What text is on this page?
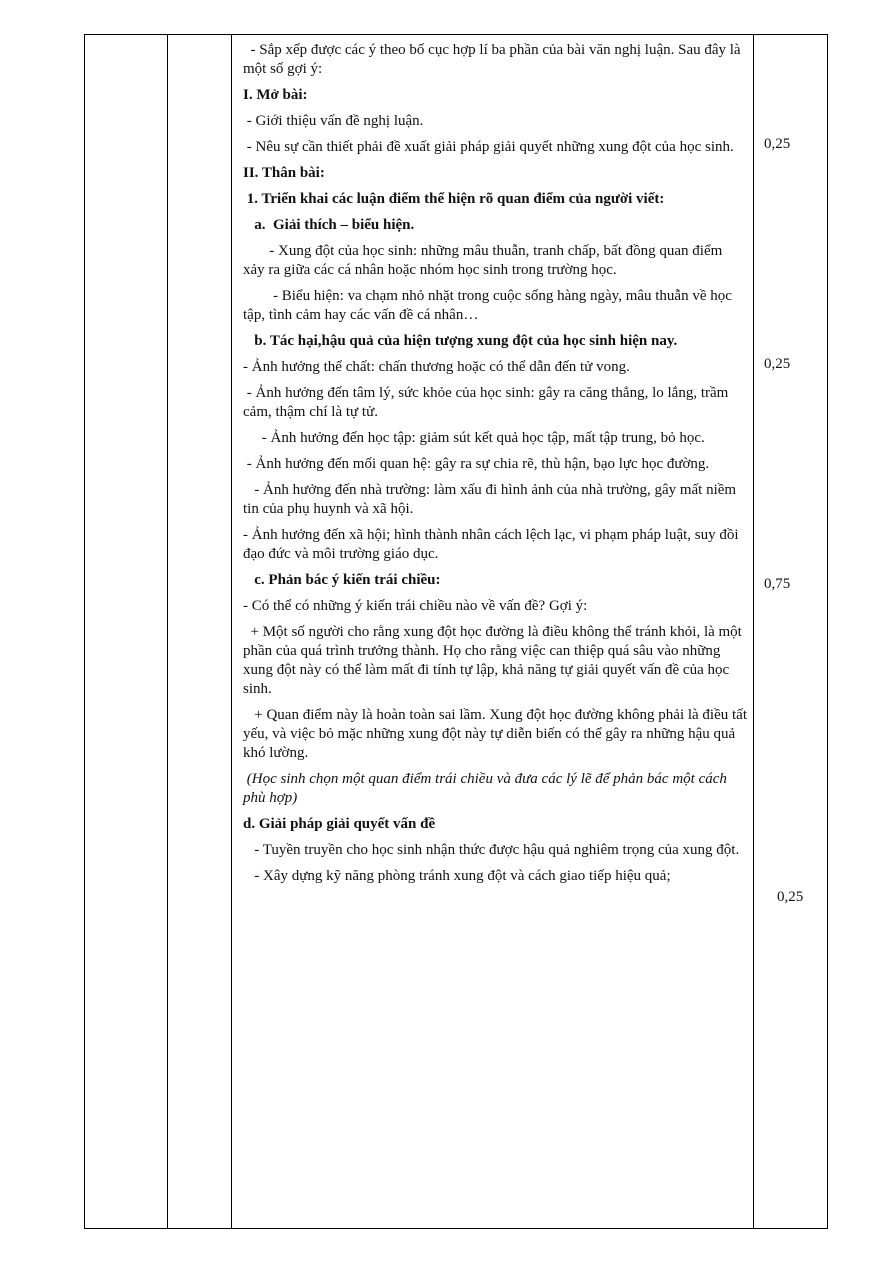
- Sắp xếp được các ý theo bố cục hợp lí ba phần của bài văn nghị luận. Sau đây là một số gợi ý:
I. Mở bài:
- Giới thiệu vấn đề nghị luận.
- Nêu sự cần thiết phải đề xuất giải pháp giải quyết những xung đột của học sinh.
II. Thân bài:
1. Triển khai các luận điểm thể hiện rõ quan điểm của người viết:
a.  Giải thích – biểu hiện.
- Xung đột của học sinh: những mâu thuẫn, tranh chấp, bất đồng quan điểm xảy ra giữa các cá nhân hoặc nhóm học sinh trong trường học.
- Biểu hiện: va chạm nhỏ nhặt trong cuộc sống hàng ngày, mâu thuẫn về học tập, tình cảm hay các vấn đề cá nhân…
b. Tác hại,hậu quả của hiện tượng xung đột của học sinh hiện nay.
- Ảnh hưởng thể chất: chấn thương hoặc có thể dẫn đến tử vong.
- Ảnh hưởng đến tâm lý, sức khỏe của học sinh: gây ra căng thẳng, lo lắng, trầm cảm, thậm chí là tự tử.
- Ảnh hưởng đến học tập: giảm sút kết quả học tập, mất tập trung, bỏ học.
- Ảnh hưởng đến mối quan hệ: gây ra sự chia rẽ, thù hận, bạo lực học đường.
- Ảnh hưởng đến nhà trường: làm xấu đi hình ảnh của nhà trường, gây mất niềm tin của phụ huynh và xã hội.
- Ảnh hưởng đến xã hội; hình thành nhân cách lệch lạc, vi phạm pháp luật, suy đồi đạo đức và môi trường giáo dục.
c. Phản bác ý kiến trái chiều:
- Có thể có những ý kiến trái chiều nào về vấn đề? Gợi ý:
+ Một số người cho rằng xung đột học đường là điều không thể tránh khỏi, là một phần của quá trình trưởng thành. Họ cho rằng việc can thiệp quá sâu vào những xung đột này có thể làm mất đi tính tự lập, khả năng tự giải quyết vấn đề của học sinh.
+ Quan điểm này là hoàn toàn sai lầm. Xung đột học đường không phải là điều tất yếu, và việc bỏ mặc những xung đột này tự diễn biến có thể gây ra những hậu quả khó lường.
(Học sinh chọn một quan điểm trái chiều và đưa các lý lẽ để phản bác một cách phù hợp)
d. Giải pháp giải quyết vấn đề
- Tuyền truyền cho học sinh nhận thức được hậu quả nghiêm trọng của xung đột.
- Xây dựng kỹ năng phòng tránh xung đột và cách giao tiếp hiệu quả;
0,25
0,25
0,75
0,25
